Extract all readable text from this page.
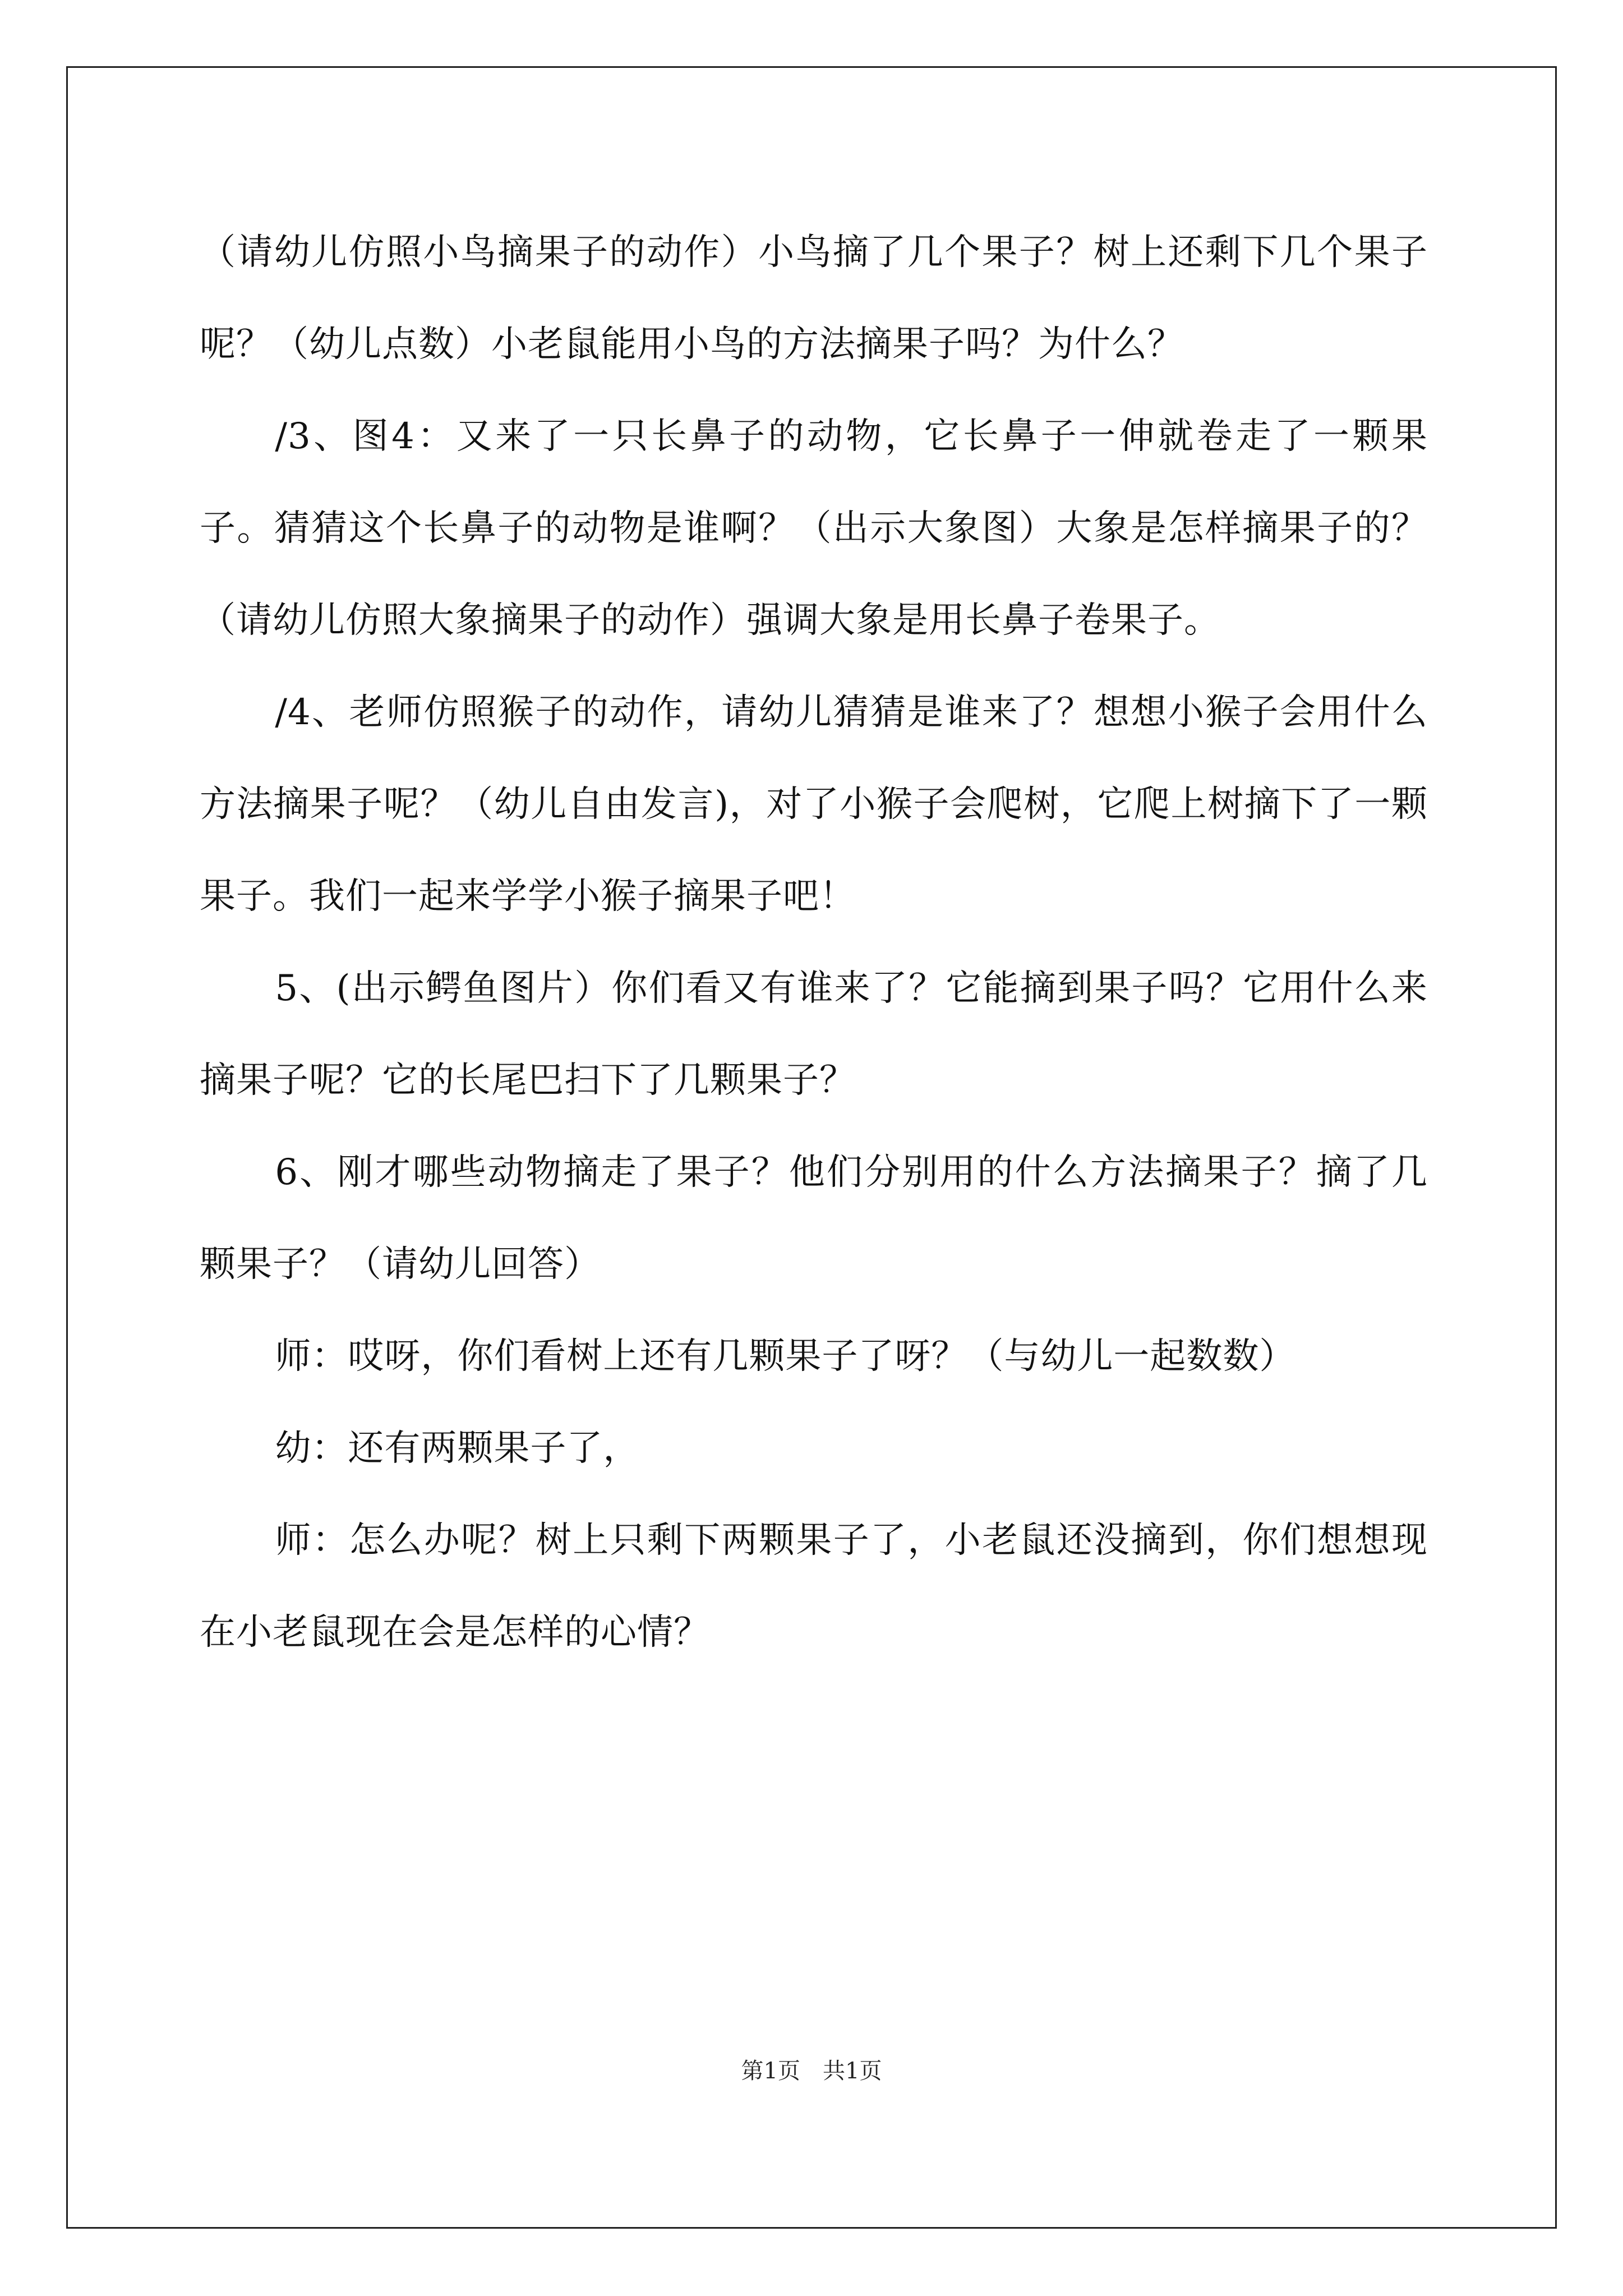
（请幼儿仿照小鸟摘果子的动作）小鸟摘了几个果子？树上还剩下几个果子呢？（幼儿点数）小老鼠能用小鸟的方法摘果子吗？为什么？

/3、图4：又来了一只长鼻子的动物，它长鼻子一伸就卷走了一颗果子。猜猜这个长鼻子的动物是谁啊？（出示大象图）大象是怎样摘果子的？（请幼儿仿照大象摘果子的动作）强调大象是用长鼻子卷果子。

/4、老师仿照猴子的动作，请幼儿猜猜是谁来了？想想小猴子会用什么方法摘果子呢？（幼儿自由发言)，对了小猴子会爬树，它爬上树摘下了一颗果子。我们一起来学学小猴子摘果子吧！

5、(出示鳄鱼图片）你们看又有谁来了？它能摘到果子吗？它用什么来摘果子呢？它的长尾巴扫下了几颗果子？

6、刚才哪些动物摘走了果子？他们分别用的什么方法摘果子？摘了几颗果子？（请幼儿回答）

师：哎呀，你们看树上还有几颗果子了呀？（与幼儿一起数数）

幼：还有两颗果子了，

师：怎么办呢？树上只剩下两颗果子了，小老鼠还没摘到，你们想想现在小老鼠现在会是怎样的心情？

第1页　共1页
